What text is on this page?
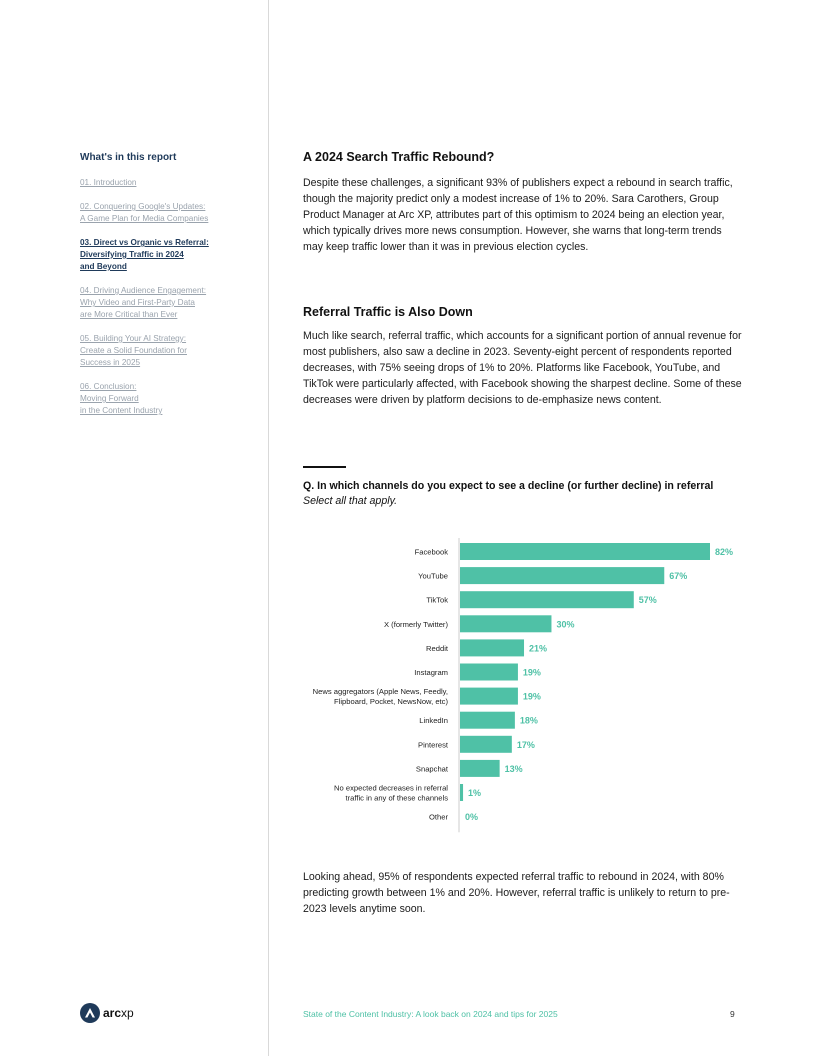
What's in this report
01. Introduction
02. Conquering Google's Updates:
A Game Plan for Media Companies
03. Direct vs Organic vs Referral:
Diversifying Traffic in 2024
and Beyond
04. Driving Audience Engagement:
Why Video and First-Party Data
are More Critical than Ever
05. Building Your AI Strategy:
Create a Solid Foundation for
Success in 2025
06. Conclusion:
Moving Forward
in the Content Industry
A 2024 Search Traffic Rebound?

Despite these challenges, a significant 93% of publishers expect a rebound in search traffic, though the majority predict only a modest increase of 1% to 20%. Sara Carothers, Group Product Manager at Arc XP, attributes part of this optimism to 2024 being an election year, which typically drives more news consumption. However, she warns that long-term trends may keep traffic lower than it was in previous election cycles.

Referral Traffic is Also Down

Much like search, referral traffic, which accounts for a significant portion of annual revenue for most publishers, also saw a decline in 2023. Seventy-eight percent of respondents reported decreases, with 75% seeing drops of 1% to 20%. Platforms like Facebook, YouTube, and TikTok were particularly affected, with Facebook showing the sharpest decline. Some of these decreases were driven by platform decisions to de-emphasize news content.

Q. In which channels do you expect to see a decline (or further decline) in referral Select all that apply.
Facebook	82%
YouTube	67%
TikTok	57%
X (formerly Twitter)	30%
Reddit	21%
Instagram	19%
News aggregators (Apple News, Feedly,
Flipboard, Pocket, NewsNow, etc)	19%
LinkedIn	18%
Pinterest	17%
Snapchat	13%
No expected decreases in referral
traffic in any of these channels 1%
Other 0%

Looking ahead, 95% of respondents expected referral traffic to rebound in 2024, with 80% predicting growth between 1% and 20%. However, referral traffic is unlikely to return to pre-2023 levels anytime soon.

arcxp	State of the Content Industry: A look back on 2024 and tips for 2025	9
